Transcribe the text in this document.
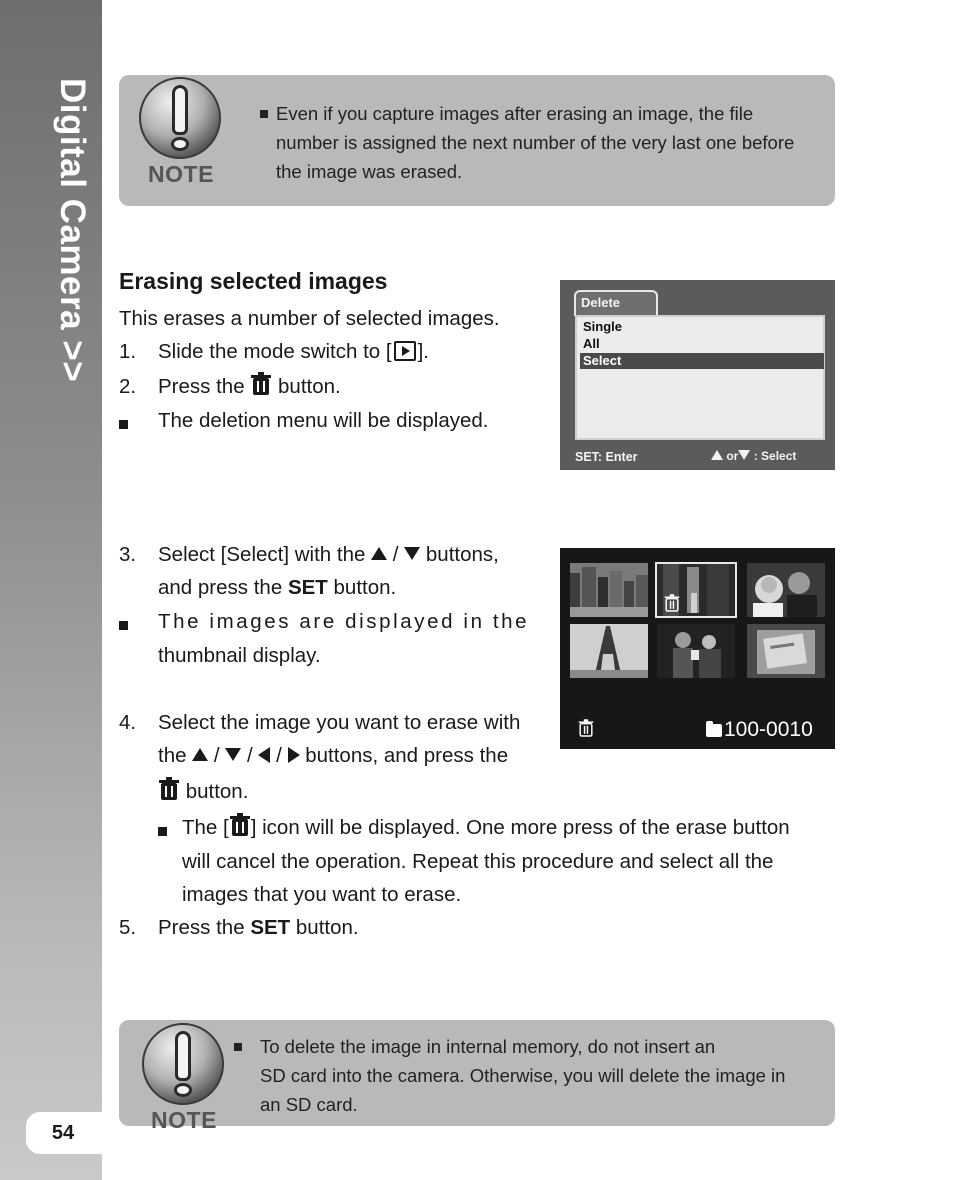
Digital Camera >>
54
NOTE
Even if you capture images after erasing an image, the file
number is assigned the next number of the very last one before
the image was erased.
Erasing selected images
This erases a number of selected images.
1. Slide the mode switch to [ ].
2. Press the button.
The deletion menu will be displayed.
3. Select [Select] with the / buttons,
and press the SET button.
The images are displayed in the
thumbnail display.
4. Select the image you want to erase with
the / / / buttons, and press the
button.
The [ ] icon will be displayed. One more press of the erase button
will cancel the operation. Repeat this procedure and select all the
images that you want to erase.
5. Press the SET button.
Delete
Single
All
Select
SET: Enter	or : Select
100-0010
NOTE
To delete the image in internal memory, do not insert an
SD card into the camera. Otherwise, you will delete the image in
an SD card.
